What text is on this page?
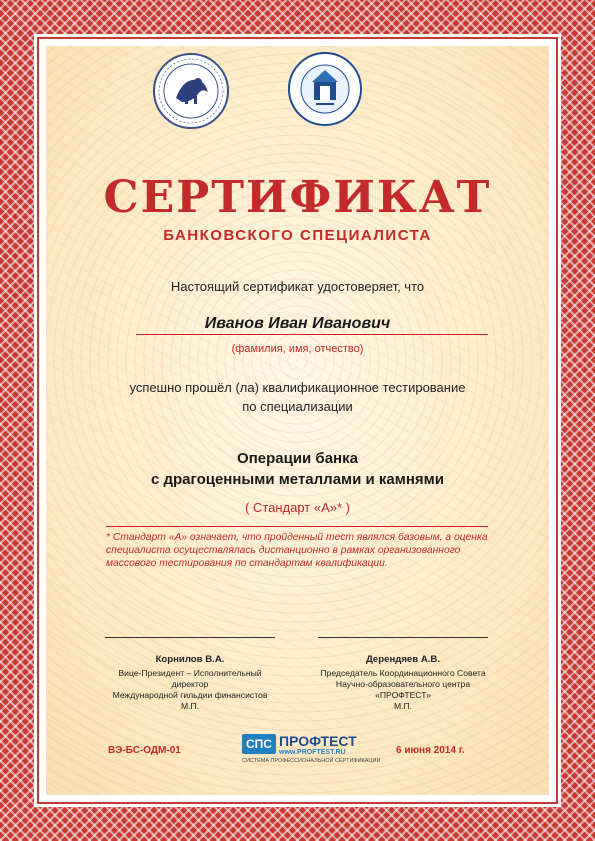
СЕРТИФИКАТ
БАНКОВСКОГО СПЕЦИАЛИСТА
Настоящий сертификат удостоверяет, что
Иванов Иван Иванович
(фамилия, имя, отчество)
успешно прошёл (ла) квалификационное тестирование
по специализации
Операции банка
с драгоценными металлами и камнями
( Стандарт «А»* )
* Стандарт «А» означает, что пройденный тест являлся базовым, а оценка специалиста осуществлялась дистанционно в рамках организованного массового тестирования по стандартам квалификации.
Корнилов В.А.
Вице-Президент – Исполнительный директор
Международной гильдии финансистов
М.П.
Дерендяев А.В.
Председатель Координационного Совета
Научно-образовательного центра «ПРОФТЕСТ»
М.П.
ВЭ-БС-ОДМ-01	СПС ПРОФТЕСТ
www.PROFTEST.RU
СИСТЕМА ПРОФЕССИОНАЛЬНОЙ СЕРТИФИКАЦИИ
6 июня 2014 г.
